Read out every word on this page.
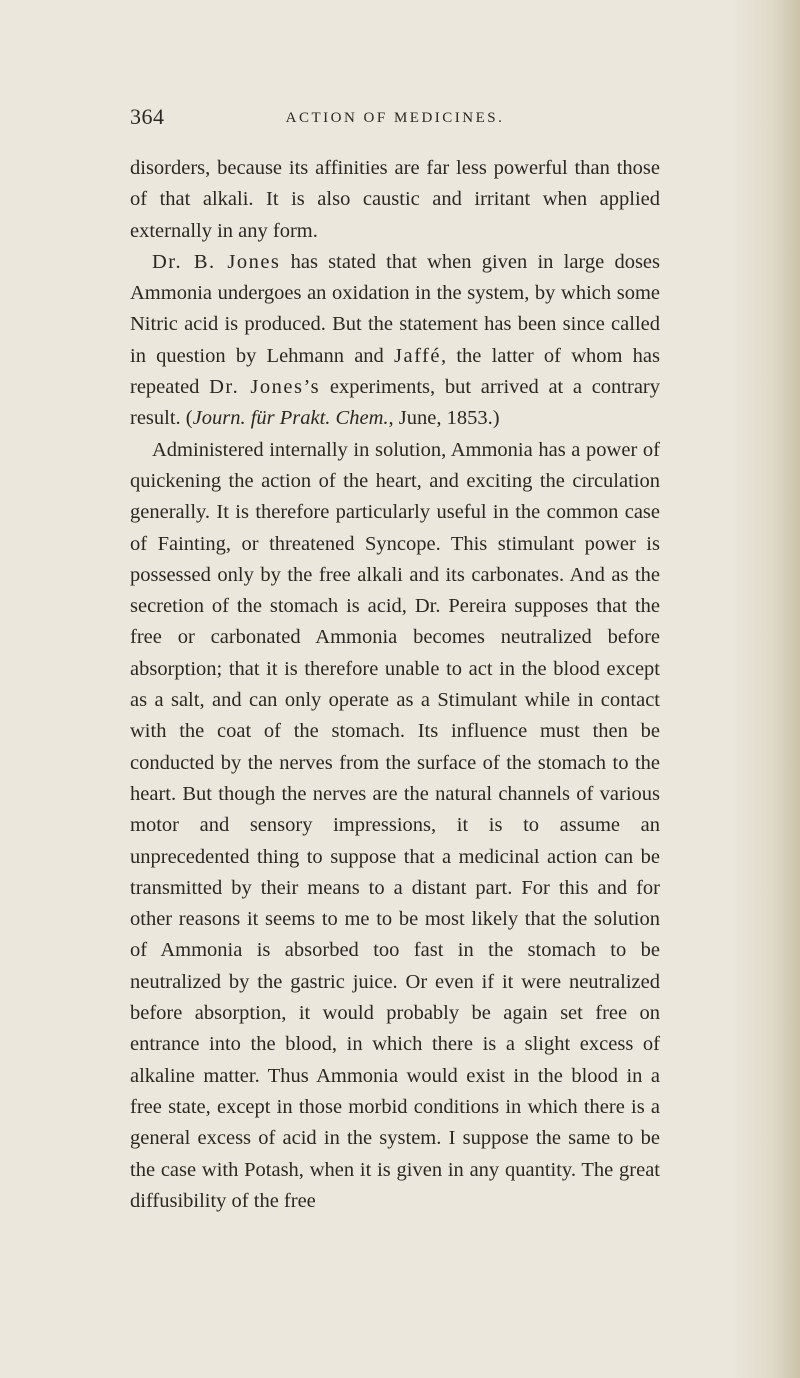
364	ACTION OF MEDICINES.

disorders, because its affinities are far less powerful than those of that alkali. It is also caustic and irritant when applied externally in any form.

Dr. B. Jones has stated that when given in large doses Ammonia undergoes an oxidation in the system, by which some Nitric acid is produced. But the statement has been since called in question by Lehmann and Jaffé, the latter of whom has repeated Dr. Jones’s experiments, but arrived at a contrary result. (Journ. für Prakt. Chem., June, 1853.)

Administered internally in solution, Ammonia has a power of quickening the action of the heart, and exciting the circulation generally. It is therefore particularly useful in the common case of Fainting, or threatened Syncope. This stimulant power is possessed only by the free alkali and its carbonates. And as the secretion of the stomach is acid, Dr. Pereira supposes that the free or carbonated Ammonia becomes neutralized before absorption; that it is therefore unable to act in the blood except as a salt, and can only operate as a Stimulant while in contact with the coat of the stomach. Its influence must then be conducted by the nerves from the surface of the stomach to the heart. But though the nerves are the natural channels of various motor and sensory impressions, it is to assume an unprecedented thing to suppose that a medicinal action can be transmitted by their means to a distant part. For this and for other reasons it seems to me to be most likely that the solution of Ammonia is absorbed too fast in the stomach to be neutralized by the gastric juice. Or even if it were neutralized before absorption, it would probably be again set free on entrance into the blood, in which there is a slight excess of alkaline matter. Thus Ammonia would exist in the blood in a free state, except in those morbid conditions in which there is a general excess of acid in the system. I suppose the same to be the case with Potash, when it is given in any quantity. The great diffusibility of the free
